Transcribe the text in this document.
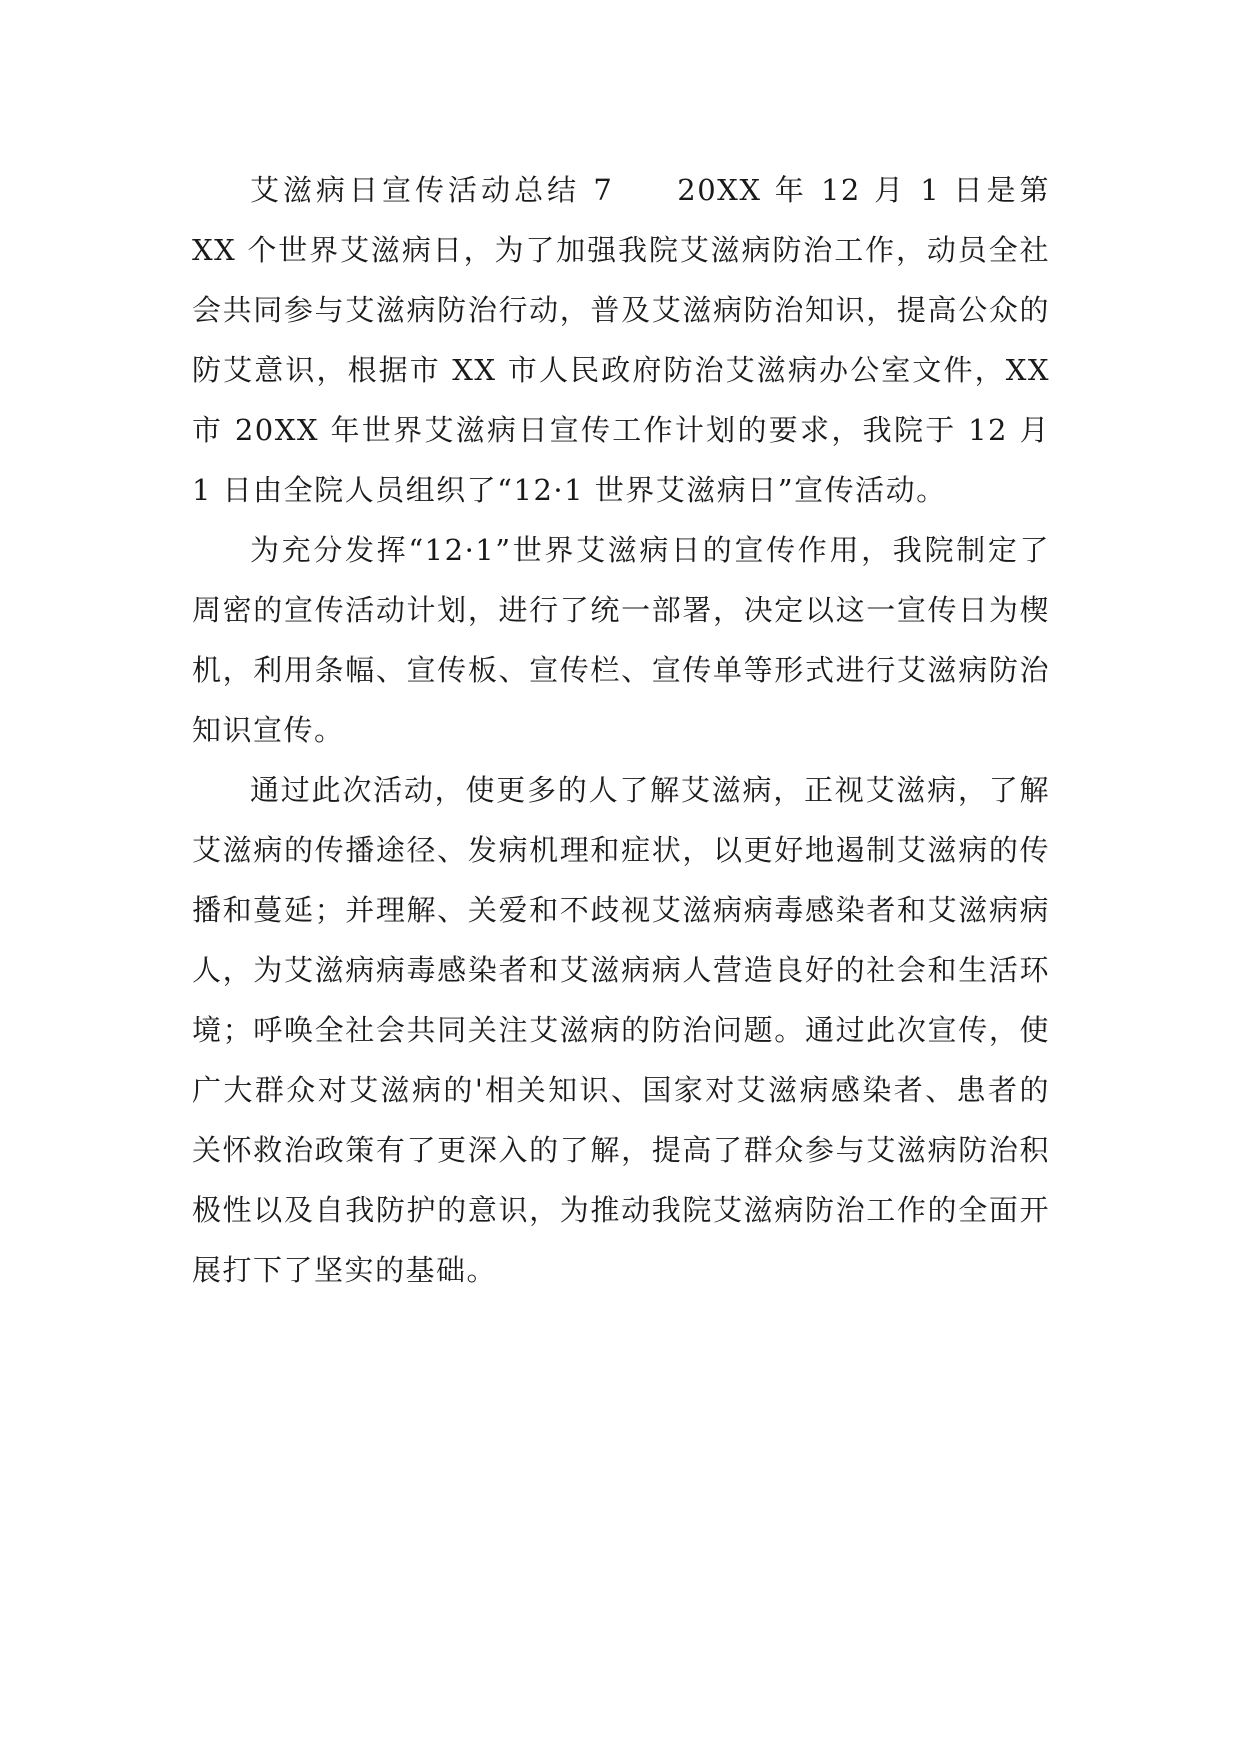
艾滋病日宣传活动总结 7 20XX 年 12 月 1 日是第 XX 个世界艾滋病日，为了加强我院艾滋病防治工作，动员全社会共同参与艾滋病防治行动，普及艾滋病防治知识，提高公众的防艾意识，根据市 XX 市人民政府防治艾滋病办公室文件，XX 市 20XX 年世界艾滋病日宣传工作计划的要求，我院于 12 月 1 日由全院人员组织了“12·1 世界艾滋病日”宣传活动。

为充分发挥“12·1”世界艾滋病日的宣传作用，我院制定了周密的宣传活动计划，进行了统一部署，决定以这一宣传日为楔机，利用条幅、宣传板、宣传栏、宣传单等形式进行艾滋病防治知识宣传。

通过此次活动，使更多的人了解艾滋病，正视艾滋病，了解艾滋病的传播途径、发病机理和症状，以更好地遏制艾滋病的传播和蔓延；并理解、关爱和不歧视艾滋病病毒感染者和艾滋病病人，为艾滋病病毒感染者和艾滋病病人营造良好的社会和生活环境；呼唤全社会共同关注艾滋病的防治问题。通过此次宣传，使广大群众对艾滋病的'相关知识、国家对艾滋病感染者、患者的关怀救治政策有了更深入的了解，提高了群众参与艾滋病防治积极性以及自我防护的意识，为推动我院艾滋病防治工作的全面开展打下了坚实的基础。
